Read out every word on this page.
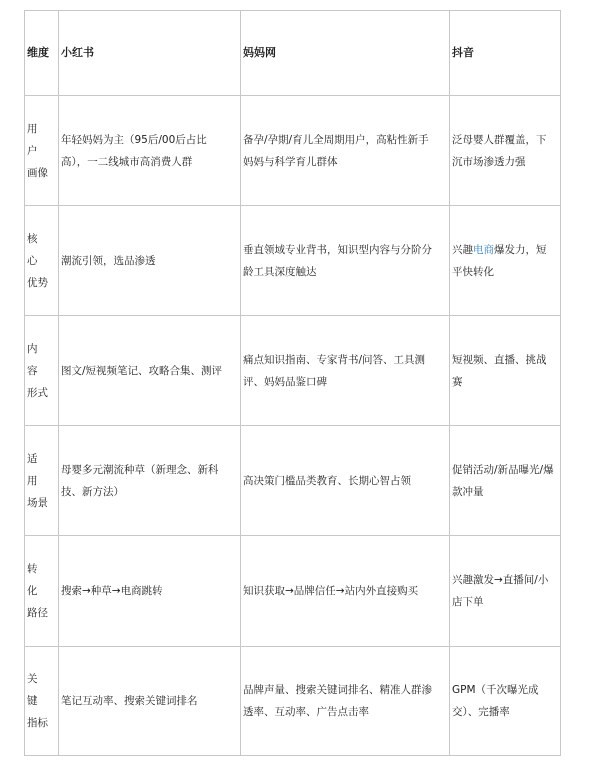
维度	小红书	妈妈网	抖音

用　户
画像	年轻妈妈为主（95后/00后占比
高），一二线城市高消费人群	备孕/孕期/育儿全周期用户，高粘性新手
妈妈与科学育儿群体	泛母婴人群覆盖，下
沉市场渗透力强

核　心
优势	潮流引领，选品渗透	垂直领域专业背书，知识型内容与分阶分
龄工具深度触达	兴趣电商爆发力，短
平快转化

内　容
形式	图文/短视频笔记、攻略合集、测评	痛点知识指南、专家背书/问答、工具测
评、妈妈品鉴口碑	短视频、直播、挑战
赛

适　用
场景	母婴多元潮流种草（新理念、新科
技、新方法）	高决策门槛品类教育、长期心智占领	促销活动/新品曝光/爆
款冲量

转　化
路径	搜索→种草→电商跳转	知识获取→品牌信任→站内外直接购买	兴趣激发→直播间/小
店下单

关　键
指标	笔记互动率、搜索关键词排名	品牌声量、搜索关键词排名、精准人群渗
透率、互动率、广告点击率	GPM（千次曝光成
交）、完播率
